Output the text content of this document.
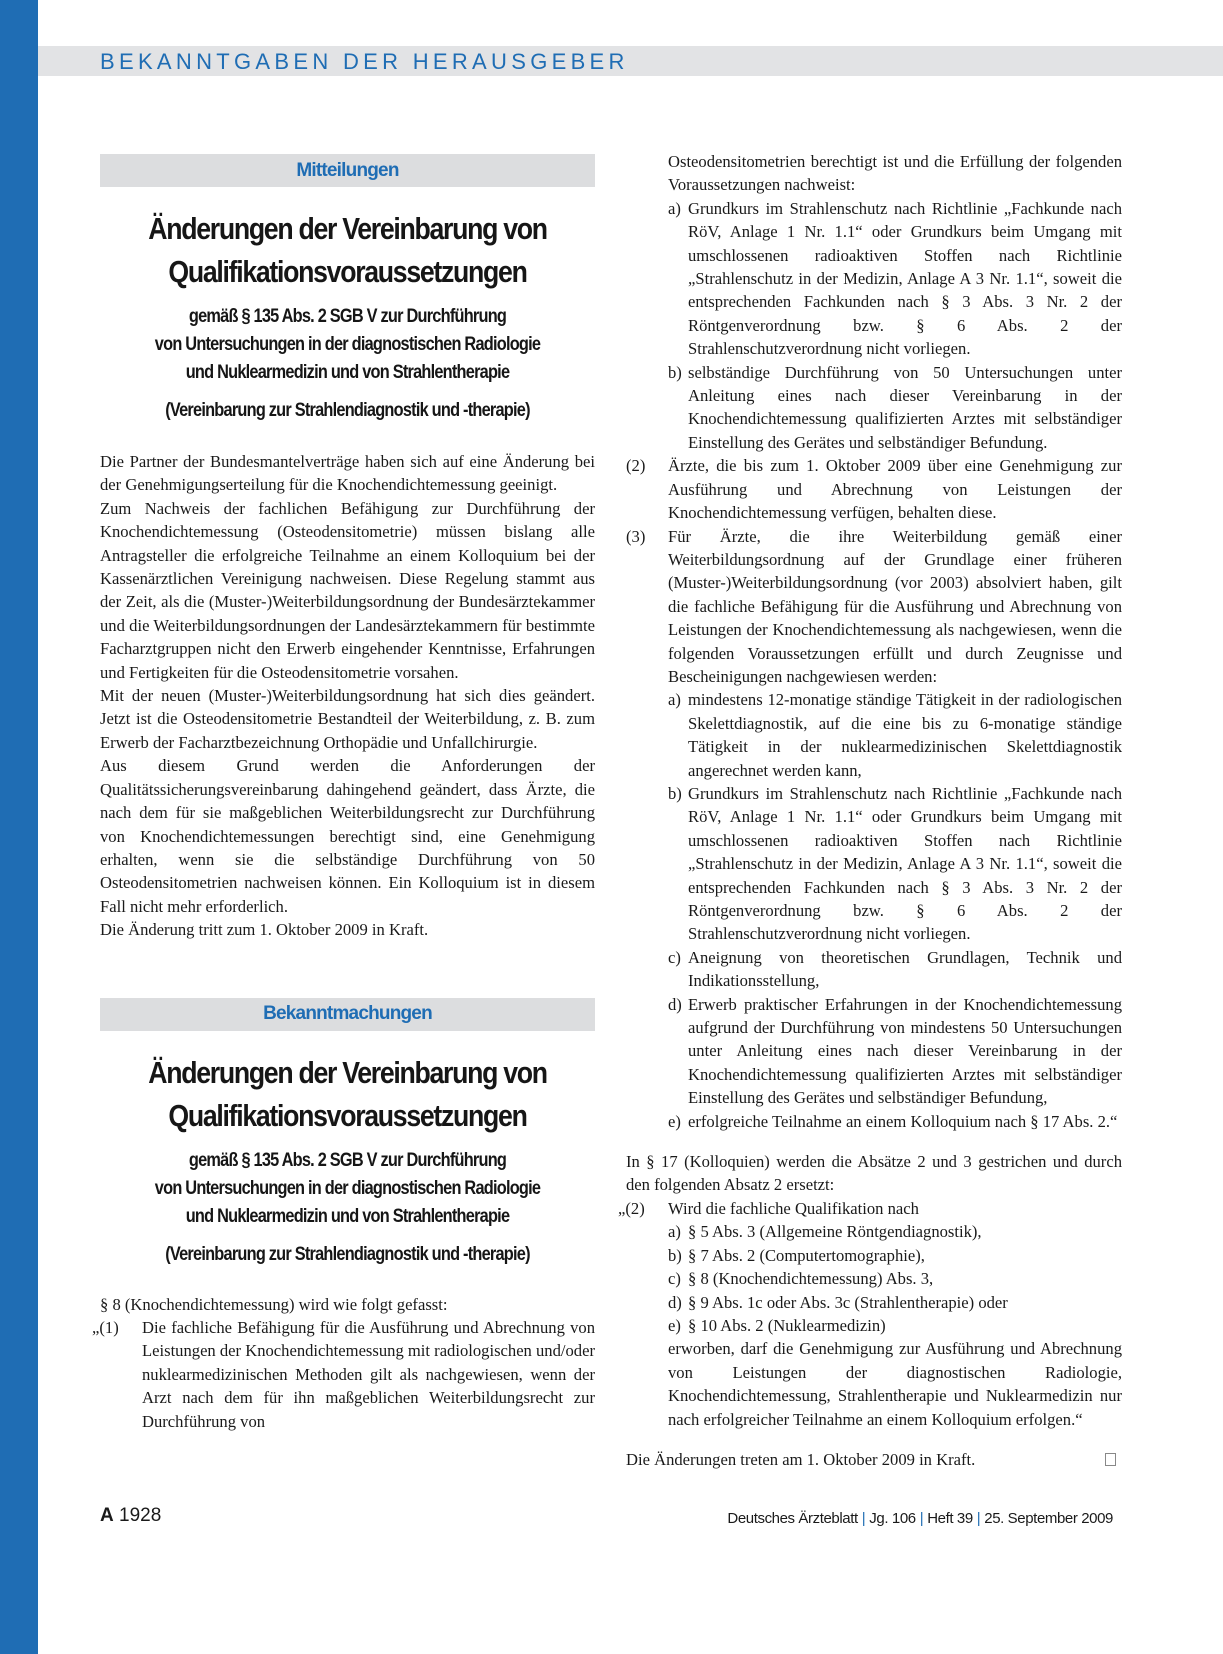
BEKANNTGABEN DER HERAUSGEBER
Mitteilungen
Änderungen der Vereinbarung von
Qualifikationsvoraussetzungen
gemäß § 135 Abs. 2 SGB V zur Durchführung
von Untersuchungen in der diagnostischen Radiologie
und Nuklearmedizin und von Strahlentherapie
(Vereinbarung zur Strahlendiagnostik und -therapie)

Die Partner der Bundesmantelverträge haben sich auf eine Änderung bei der Genehmigungserteilung für die Knochendichtemessung geeinigt.

Zum Nachweis der fachlichen Befähigung zur Durchführung der Knochendichtemessung (Osteodensitometrie) müssen bislang alle Antragsteller die erfolgreiche Teilnahme an einem Kolloquium bei der Kassenärztlichen Vereinigung nachweisen. Diese Regelung stammt aus der Zeit, als die (Muster-)Weiterbildungsordnung der Bundesärztekammer und die Weiterbildungsordnungen der Landesärztekammern für bestimmte Facharztgruppen nicht den Erwerb eingehender Kenntnisse, Erfahrungen und Fertigkeiten für die Osteodensitometrie vorsahen.

Mit der neuen (Muster-)Weiterbildungsordnung hat sich dies geändert. Jetzt ist die Osteodensitometrie Bestandteil der Weiterbildung, z. B. zum Erwerb der Facharztbezeichnung Orthopädie und Unfallchirurgie.

Aus diesem Grund werden die Anforderungen der Qualitätssicherungsvereinbarung dahingehend geändert, dass Ärzte, die nach dem für sie maßgeblichen Weiterbildungsrecht zur Durchführung von Knochendichtemessungen berechtigt sind, eine Genehmigung erhalten, wenn sie die selbständige Durchführung von 50 Osteodensitometrien nachweisen können. Ein Kolloquium ist in diesem Fall nicht mehr erforderlich.

Die Änderung tritt zum 1. Oktober 2009 in Kraft.

Bekanntmachungen
Änderungen der Vereinbarung von
Qualifikationsvoraussetzungen
gemäß § 135 Abs. 2 SGB V zur Durchführung
von Untersuchungen in der diagnostischen Radiologie
und Nuklearmedizin und von Strahlentherapie
(Vereinbarung zur Strahlendiagnostik und -therapie)
§ 8 (Knochendichtemessung) wird wie folgt gefasst:
„(1)	Die fachliche Befähigung für die Ausführung und Abrechnung von Leistungen der Knochendichtemessung mit radiologischen und/oder nuklearmedizinischen Methoden gilt als nachgewiesen, wenn der Arzt nach dem für ihn maßgeblichen Weiterbildungsrecht zur Durchführung von
Osteodensitometrien berechtigt ist und die Erfüllung der folgenden Voraussetzungen nachweist:
a) Grundkurs im Strahlenschutz nach Richtlinie „Fachkunde nach RöV, Anlage 1 Nr. 1.1“ oder Grundkurs beim Umgang mit umschlossenen radioaktiven Stoffen nach Richtlinie „Strahlenschutz in der Medizin, Anlage A 3 Nr. 1.1“, soweit die entsprechenden Fachkunden nach § 3 Abs. 3 Nr. 2 der Röntgenverordnung bzw. § 6 Abs. 2 der Strahlenschutzverordnung nicht vorliegen.
b) selbständige Durchführung von 50 Untersuchungen unter Anleitung eines nach dieser Vereinbarung in der Knochendichtemessung qualifizierten Arztes mit selbständiger Einstellung des Gerätes und selbständiger Befundung.
(2)	Ärzte, die bis zum 1. Oktober 2009 über eine Genehmigung zur Ausführung und Abrechnung von Leistungen der Knochendichtemessung verfügen, behalten diese.
(3)	Für Ärzte, die ihre Weiterbildung gemäß einer Weiterbildungsordnung auf der Grundlage einer früheren (Muster-)Weiterbildungsordnung (vor 2003) absolviert haben, gilt die fachliche Befähigung für die Ausführung und Abrechnung von Leistungen der Knochendichtemessung als nachgewiesen, wenn die folgenden Voraussetzungen erfüllt und durch Zeugnisse und Bescheinigungen nachgewiesen werden:
a) mindestens 12-monatige ständige Tätigkeit in der radiologischen Skelettdiagnostik, auf die eine bis zu 6-monatige ständige Tätigkeit in der nuklearmedizinischen Skelettdiagnostik angerechnet werden kann,
b) Grundkurs im Strahlenschutz nach Richtlinie „Fachkunde nach RöV, Anlage 1 Nr. 1.1“ oder Grundkurs beim Umgang mit umschlossenen radioaktiven Stoffen nach Richtlinie „Strahlenschutz in der Medizin, Anlage A 3 Nr. 1.1“, soweit die entsprechenden Fachkunden nach § 3 Abs. 3 Nr. 2 der Röntgenverordnung bzw. § 6 Abs. 2 der Strahlenschutzverordnung nicht vorliegen.
c) Aneignung von theoretischen Grundlagen, Technik und Indikationsstellung,
d) Erwerb praktischer Erfahrungen in der Knochendichtemessung aufgrund der Durchführung von mindestens 50 Untersuchungen unter Anleitung eines nach dieser Vereinbarung in der Knochendichtemessung qualifizierten Arztes mit selbständiger Einstellung des Gerätes und selbständiger Befundung,
e) erfolgreiche Teilnahme an einem Kolloquium nach § 17 Abs. 2.“
In § 17 (Kolloquien) werden die Absätze 2 und 3 gestrichen und durch den folgenden Absatz 2 ersetzt:
„(2)	Wird die fachliche Qualifikation nach
a) § 5 Abs. 3 (Allgemeine Röntgendiagnostik),
b) § 7 Abs. 2 (Computertomographie),
c) § 8 (Knochendichtemessung) Abs. 3,
d) § 9 Abs. 1c oder Abs. 3c (Strahlentherapie) oder
e) § 10 Abs. 2 (Nuklearmedizin)
erworben, darf die Genehmigung zur Ausführung und Abrechnung von Leistungen der diagnostischen Radiologie, Knochendichtemessung, Strahlentherapie und Nuklearmedizin nur nach erfolgreicher Teilnahme an einem Kolloquium erfolgen.“
Die Änderungen treten am 1. Oktober 2009 in Kraft.
A 1928	Deutsches Ärzteblatt | Jg. 106 | Heft 39 | 25. September 2009
